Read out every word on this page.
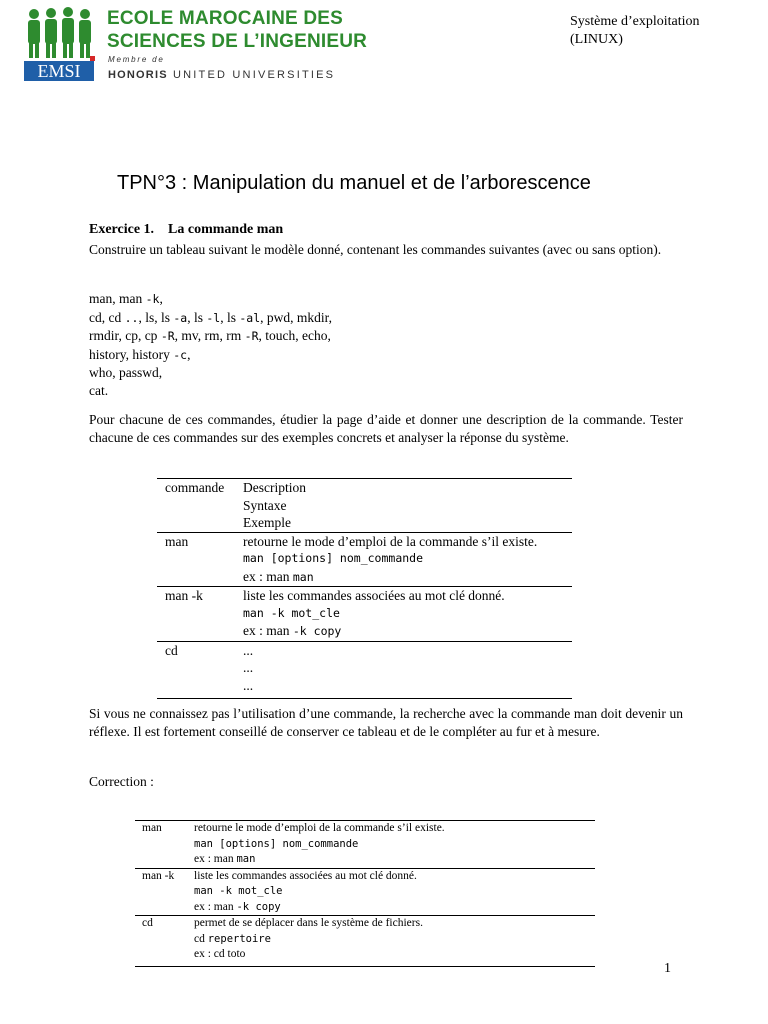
EMSI
ECOLE MAROCAINE DES
SCIENCES DE L’INGENIEUR
Membre de
HONORIS UNITED UNIVERSITIES
Système d’exploitation
(LINUX)
TPN°3 : Manipulation du manuel et de l’arborescence
Exercice 1. La commande man
Construire un tableau suivant le modèle donné, contenant les commandes suivantes (avec ou sans option).
man, man -k,
cd, cd .., ls, ls -a, ls -l, ls -al, pwd, mkdir,
rmdir, cp, cp -R, mv, rm, rm -R, touch, echo,
history, history -c,
who, passwd,
cat.
Pour chacune de ces commandes, étudier la page d’aide et donner une description de la commande. Tester chacune de ces commandes sur des exemples concrets et analyser la réponse du système.
commande	Description
Syntaxe
Exemple

man	retourne le mode d’emploi de la commande s’il existe.
man [options] nom_commande
ex : man man

man -k	liste les commandes associées au mot clé donné.
man -k mot_cle
ex : man -k copy

cd	...
...
...
Si vous ne connaissez pas l’utilisation d’une commande, la recherche avec la commande man doit devenir un réflexe. Il est fortement conseillé de conserver ce tableau et de le compléter au fur et à mesure.
Correction :
man	retourne le mode d’emploi de la commande s’il existe.
man [options] nom_commande
ex : man man

man -k	liste les commandes associées au mot clé donné.
man -k mot_cle
ex : man -k copy

cd	permet de se déplacer dans le système de fichiers.
cd repertoire
ex : cd toto
1
